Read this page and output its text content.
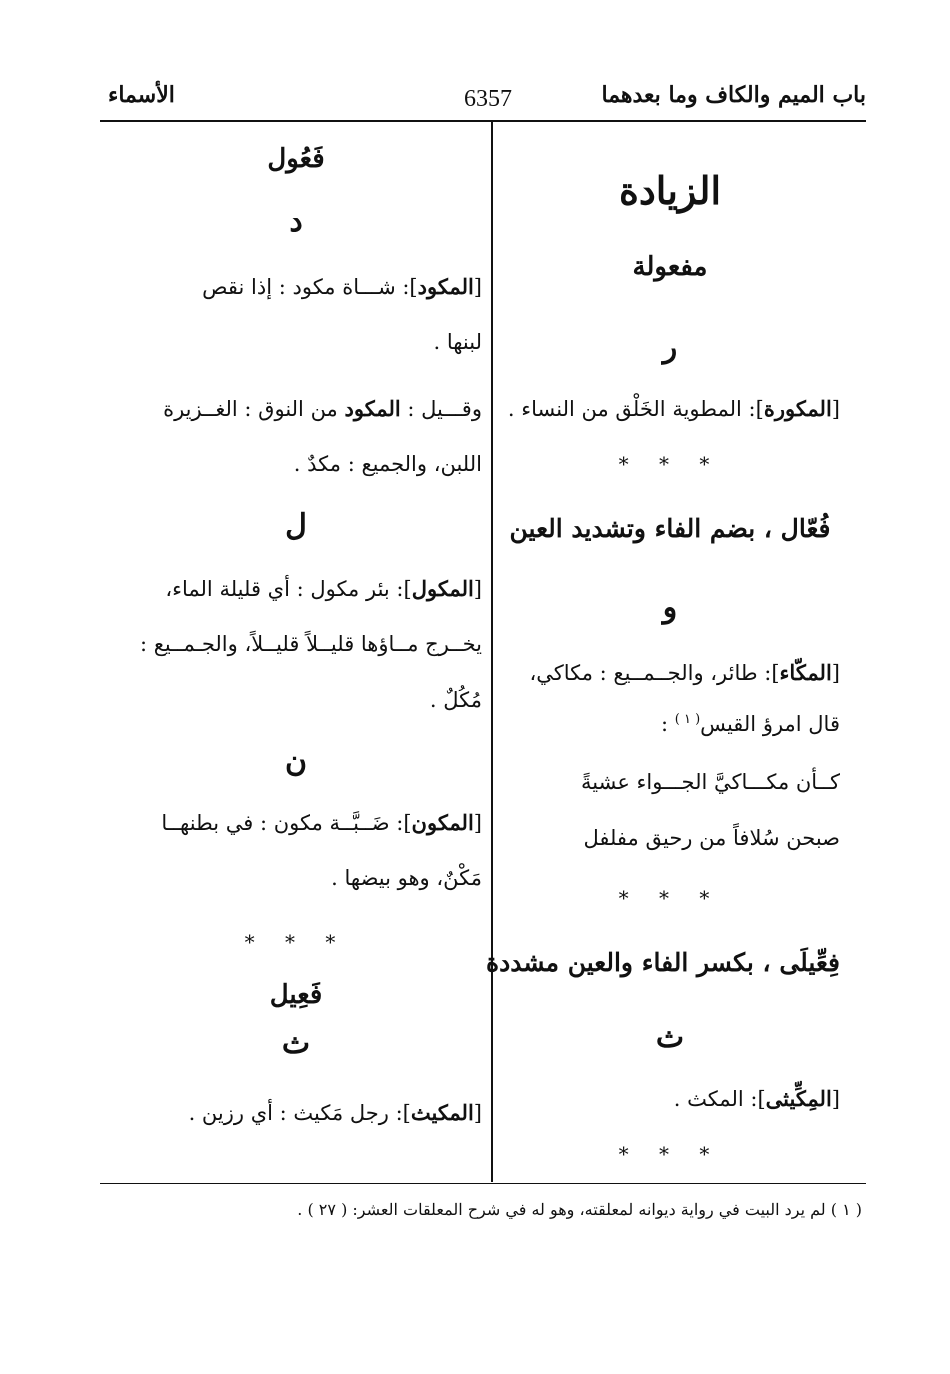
باب الميم والكاف وما بعدهما
6357
الأسماء
الزيادة
مفعولة
ر
[المكورة]: المطوية الخَلْق من النساء .
* * *
فُعّال ، بضم الفاء وتشديد العين
و
[المكّاء]: طائر، والجــمــيع : مكاكي،
قال امرؤ القيس$^{( ١ )}$ :
كــأن مكـــاكيَّ الجـــواء عشيةً
صبحن سُلافاً من رحيق مفلفل
* * *
فِعِّيلَى ، بكسر الفاء والعين مشددة
ث
[المِكِّيثى]: المكث .
* * *
فَعُول
د
[المكود]: شـــاة مكود : إذا نقص
لبنها .
وقـــيل : المكود من النوق : الغــزيرة
اللبن، والجميع : مكدٌ .
ل
[المكول]: بئر مكول : أي قليلة الماء،
يخــرج مــاؤها قليــلاً قليــلاً، والجـمــيع :
مُكُلٌ .
ن
[المكون]: ضَــبَّــة مكون : في بطنهــا
مَكْنٌ، وهو بيضها .
* * *
فَعِيل
ث
[المكيث]: رجل مَكيث : أي رزين .
( ١ ) لم يرد البيت في رواية ديوانه لمعلقته، وهو له في شرح المعلقات العشر: ( ٢٧ ) .
